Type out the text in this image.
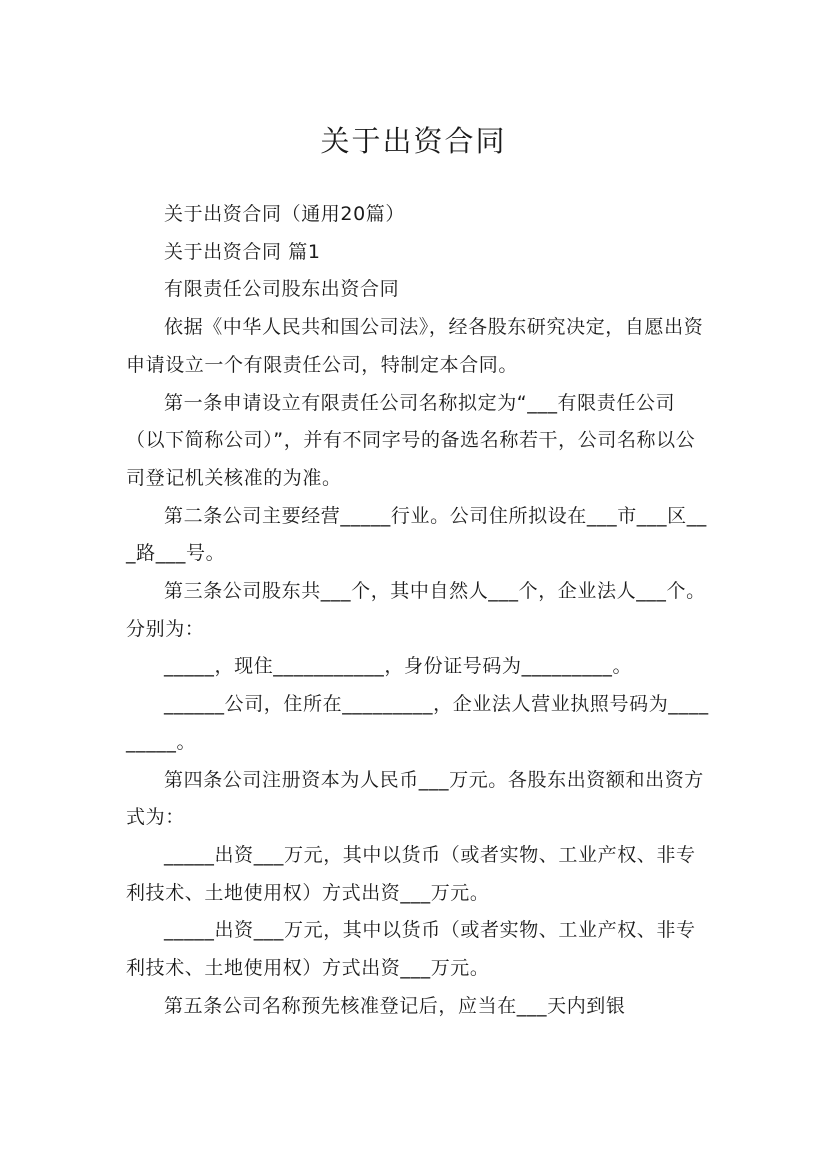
关于出资合同

关于出资合同（通用20篇）

关于出资合同 篇1

有限责任公司股东出资合同

依据《中华人民共和国公司法》，经各股东研究决定，自愿出资申请设立一个有限责任公司，特制定本合同。

第一条申请设立有限责任公司名称拟定为“___有限责任公司（以下简称公司）”，并有不同字号的备选名称若干，公司名称以公司登记机关核准的为准。

第二条公司主要经营_____行业。公司住所拟设在___市___区___路___号。

第三条公司股东共___个，其中自然人___个，企业法人___个。分别为：

_____，现住___________，身份证号码为_________。

______公司，住所在_________，企业法人营业执照号码为_________。

第四条公司注册资本为人民币___万元。各股东出资额和出资方式为：

_____出资___万元，其中以货币（或者实物、工业产权、非专利技术、土地使用权）方式出资___万元。

_____出资___万元，其中以货币（或者实物、工业产权、非专利技术、土地使用权）方式出资___万元。

第五条公司名称预先核准登记后，应当在___天内到银
